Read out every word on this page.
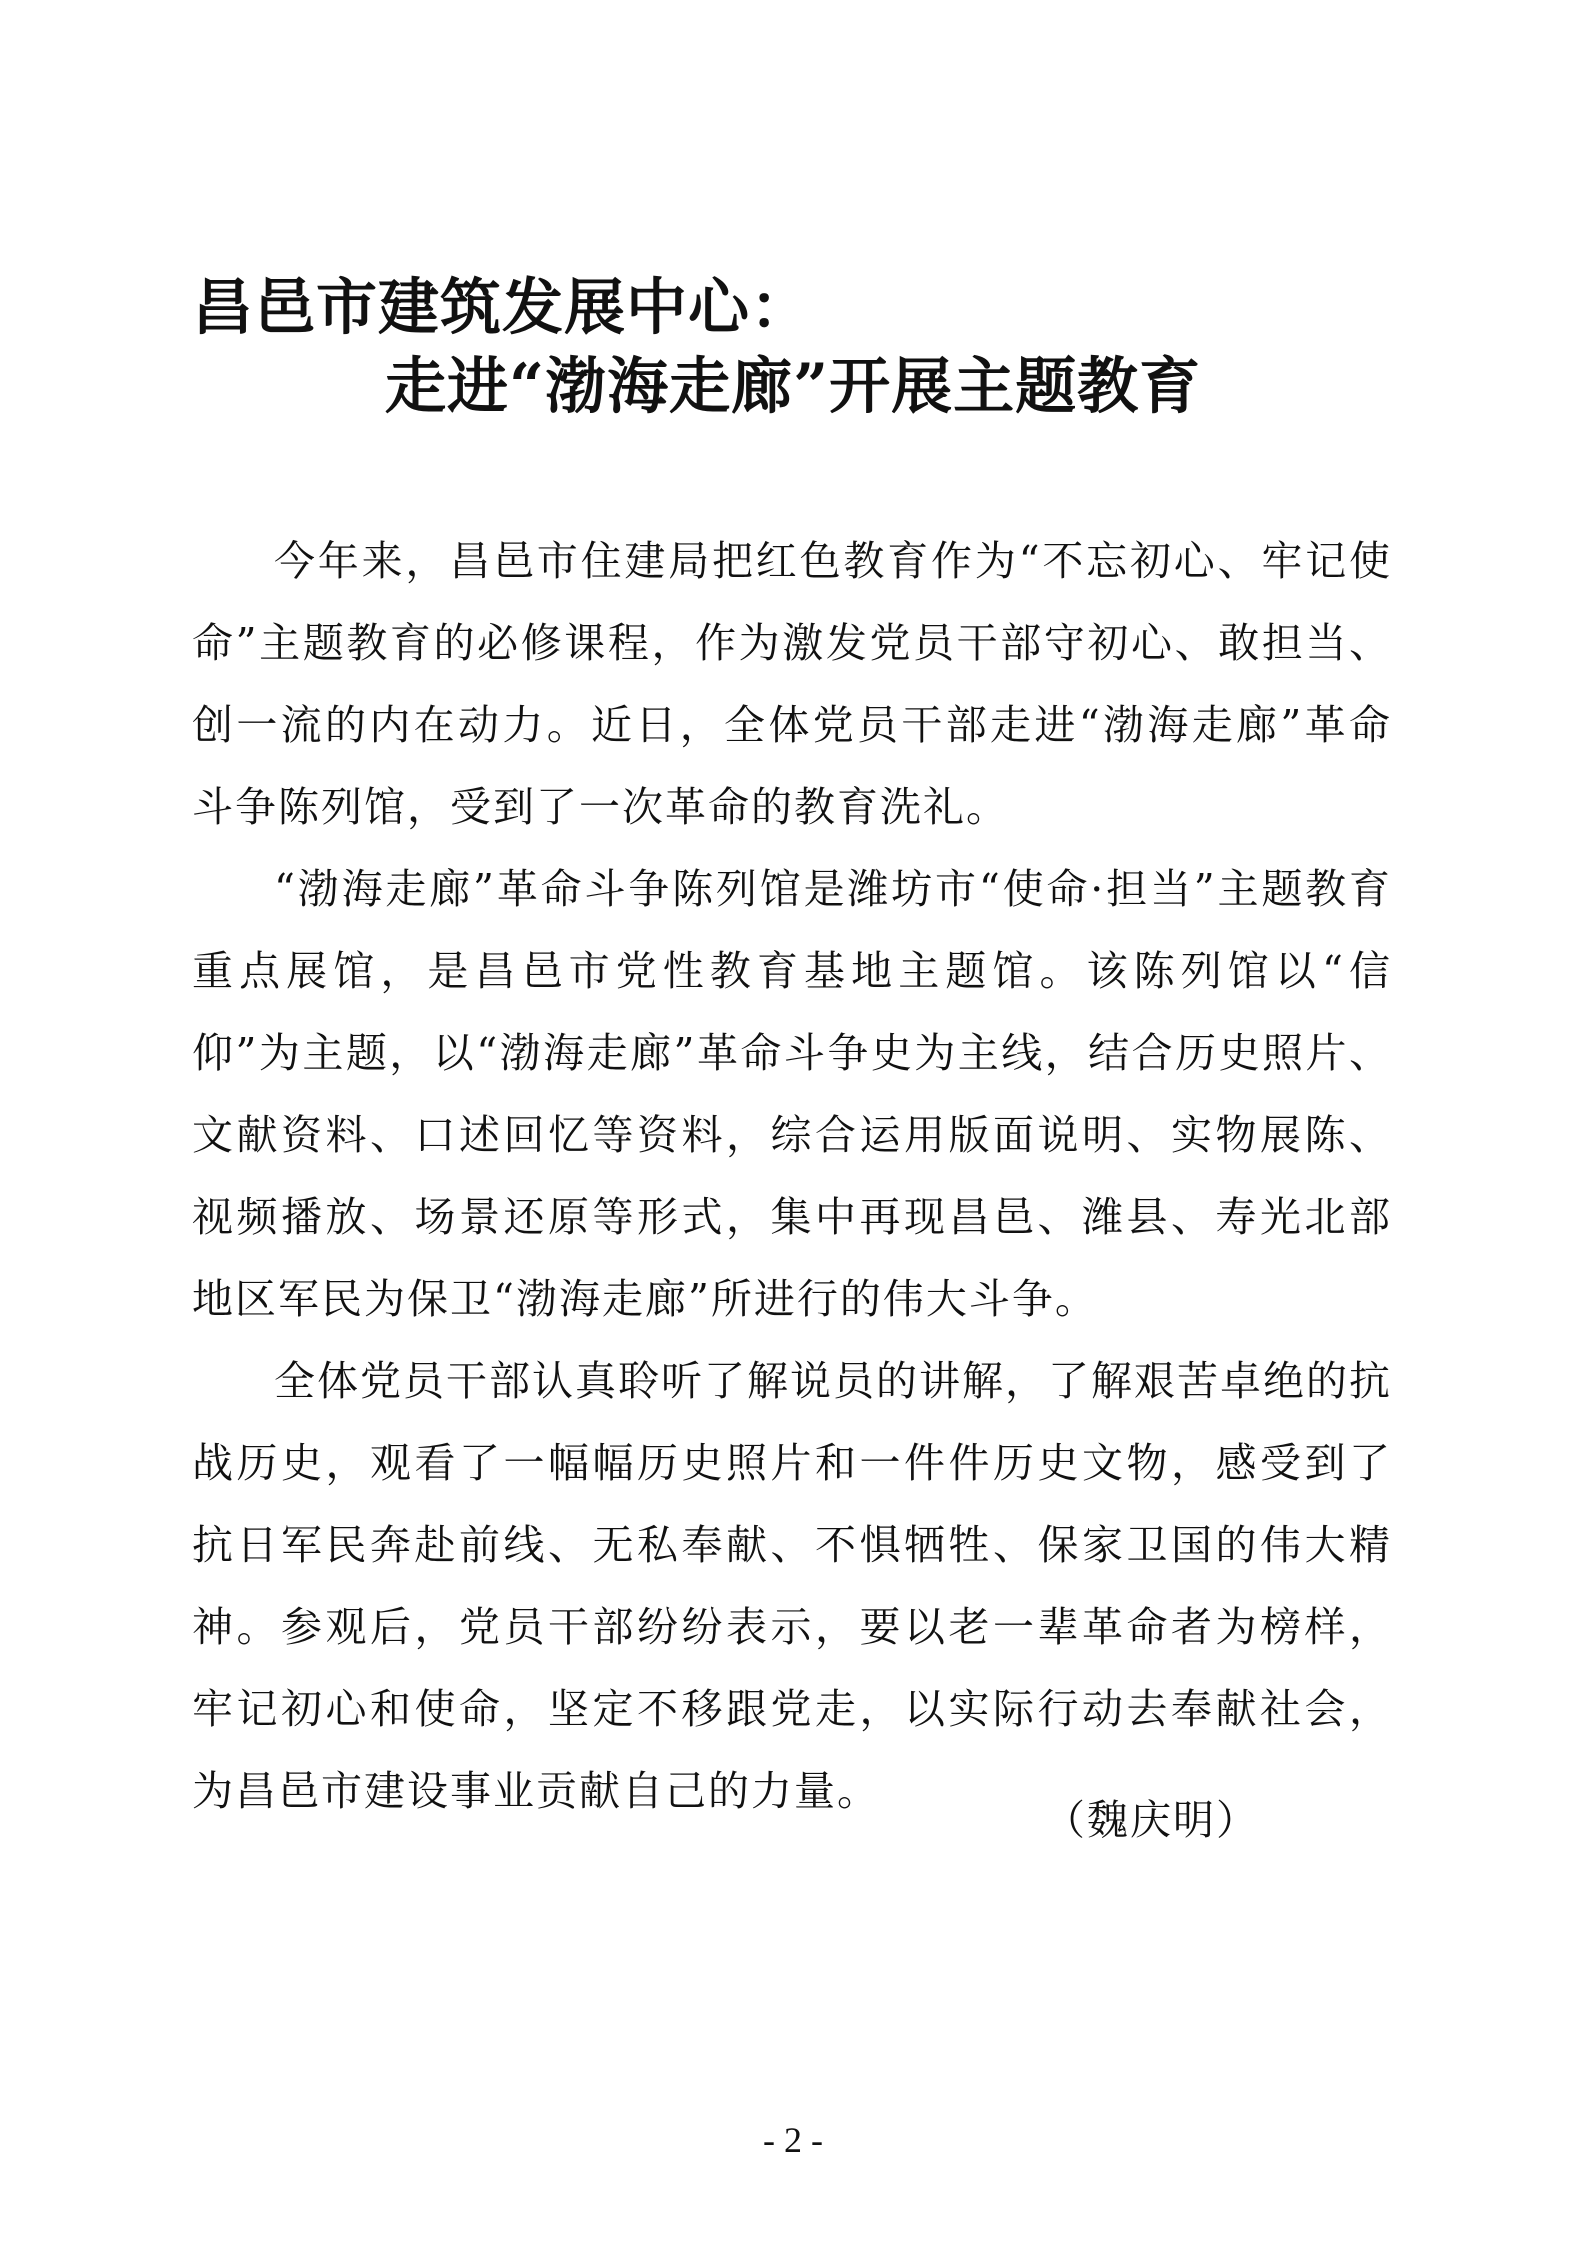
昌邑市建筑发展中心：
走进“渤海走廊”开展主题教育

今年来，昌邑市住建局把红色教育作为“不忘初心、牢记使命”主题教育的必修课程，作为激发党员干部守初心、敢担当、创一流的内在动力。近日，全体党员干部走进“渤海走廊”革命斗争陈列馆，受到了一次革命的教育洗礼。

“渤海走廊”革命斗争陈列馆是潍坊市“使命·担当”主题教育重点展馆，是昌邑市党性教育基地主题馆。该陈列馆以“信仰”为主题，以“渤海走廊”革命斗争史为主线，结合历史照片、文献资料、口述回忆等资料，综合运用版面说明、实物展陈、视频播放、场景还原等形式，集中再现昌邑、潍县、寿光北部地区军民为保卫“渤海走廊”所进行的伟大斗争。

全体党员干部认真聆听了解说员的讲解，了解艰苦卓绝的抗战历史，观看了一幅幅历史照片和一件件历史文物，感受到了抗日军民奔赴前线、无私奉献、不惧牺牲、保家卫国的伟大精神。参观后，党员干部纷纷表示，要以老一辈革命者为榜样，牢记初心和使命，坚定不移跟党走，以实际行动去奉献社会，为昌邑市建设事业贡献自己的力量。

（魏庆明）
- 2 -
